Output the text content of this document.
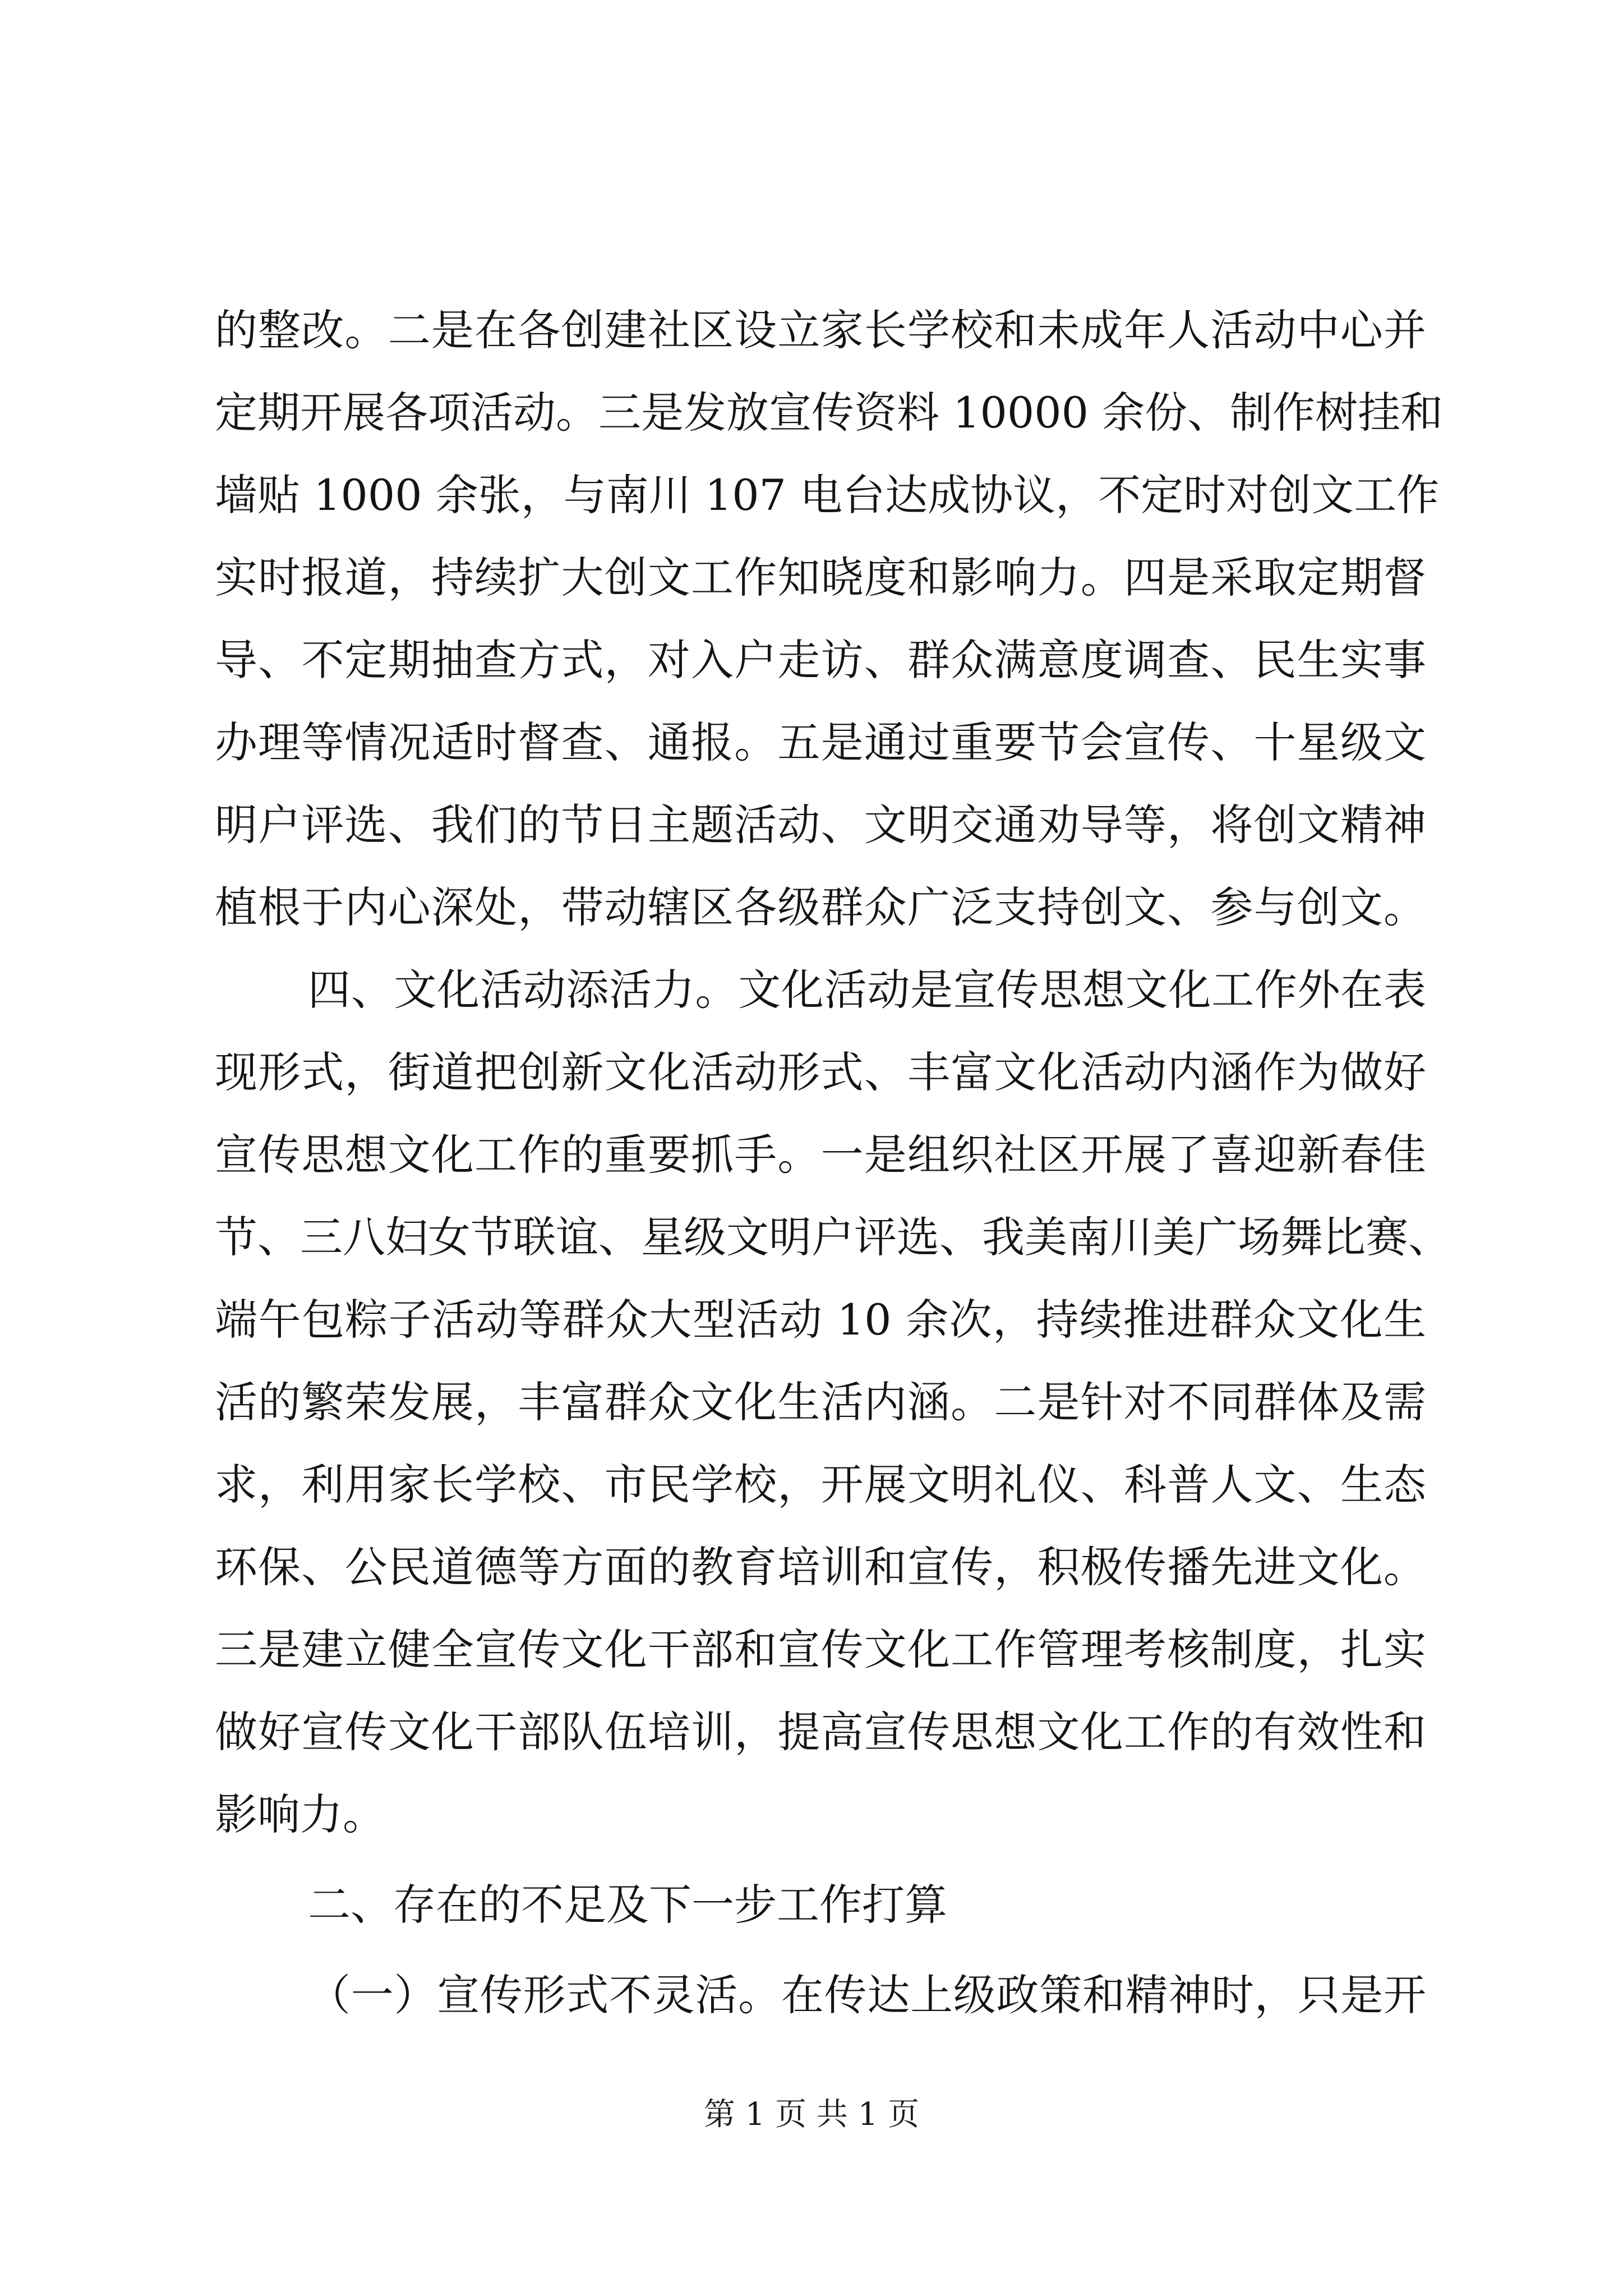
的整改。二是在各创建社区设立家长学校和未成年人活动中心并
定期开展各项活动。三是发放宣传资料 10000 余份、制作树挂和
墙贴 1000 余张，与南川 107 电台达成协议，不定时对创文工作
实时报道，持续扩大创文工作知晓度和影响力。四是采取定期督
导、不定期抽查方式，对入户走访、群众满意度调查、民生实事
办理等情况适时督查、通报。五是通过重要节会宣传、十星级文
明户评选、我们的节日主题活动、文明交通劝导等，将创文精神
植根于内心深处，带动辖区各级群众广泛支持创文、参与创文。
四、文化活动添活力。文化活动是宣传思想文化工作外在表
现形式，街道把创新文化活动形式、丰富文化活动内涵作为做好
宣传思想文化工作的重要抓手。一是组织社区开展了喜迎新春佳
节、三八妇女节联谊、星级文明户评选、我美南川美广场舞比赛、
端午包粽子活动等群众大型活动 10 余次，持续推进群众文化生
活的繁荣发展，丰富群众文化生活内涵。二是针对不同群体及需
求，利用家长学校、市民学校，开展文明礼仪、科普人文、生态
环保、公民道德等方面的教育培训和宣传，积极传播先进文化。
三是建立健全宣传文化干部和宣传文化工作管理考核制度，扎实
做好宣传文化干部队伍培训，提高宣传思想文化工作的有效性和
影响力。
二、存在的不足及下一步工作打算
（一）宣传形式不灵活。在传达上级政策和精神时，只是开
第 1 页 共 1 页
